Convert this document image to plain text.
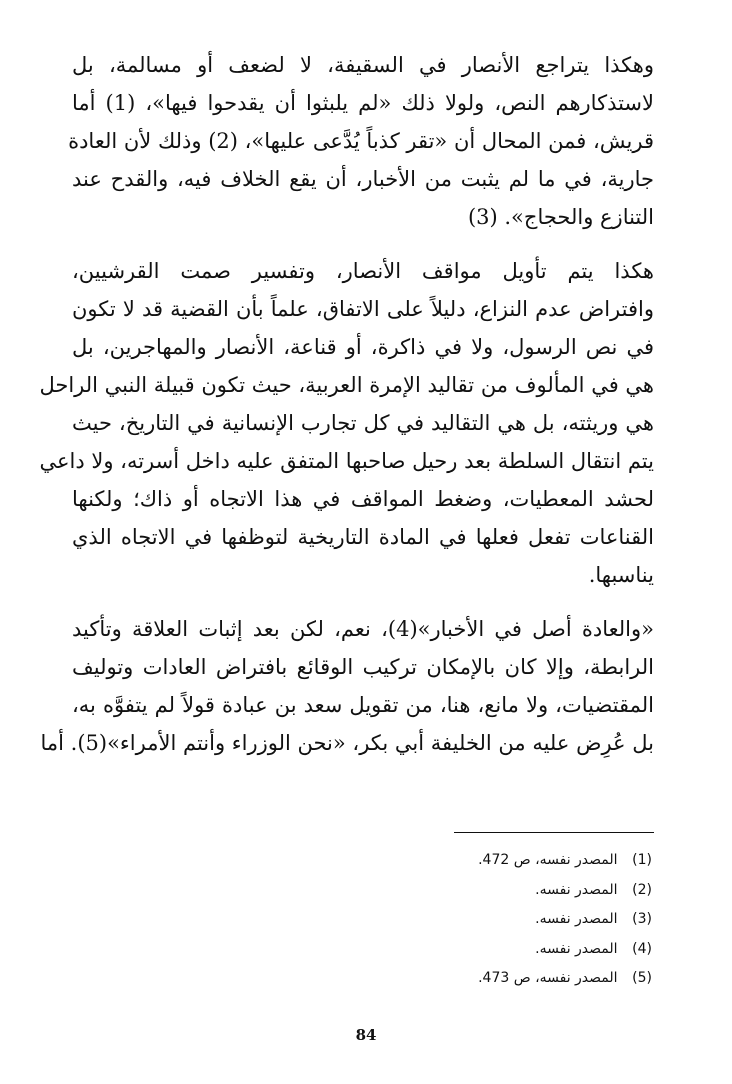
وهكذا يتراجع الأنصار في السقيفة، لا لضعف أو مسالمة، بل
لاستذكارهم النص، ولولا ذلك «لم يلبثوا أن يقدحوا فيها»، (1) أما
قريش، فمن المحال أن «تقر كذباً يُدَّعى عليها»، (2) وذلك لأن العادة
جارية، في ما لم يثبت من الأخبار، أن يقع الخلاف فيه، والقدح عند
التنازع والحجاج». (3)

هكذا يتم تأويل مواقف الأنصار، وتفسير صمت القرشيين،
وافتراض عدم النزاع، دليلاً على الاتفاق، علماً بأن القضية قد لا تكون
في نص الرسول، ولا في ذاكرة، أو قناعة، الأنصار والمهاجرين، بل
هي في المألوف من تقاليد الإمرة العربية، حيث تكون قبيلة النبي الراحل
هي وريثته، بل هي التقاليد في كل تجارب الإنسانية في التاريخ، حيث
يتم انتقال السلطة بعد رحيل صاحبها المتفق عليه داخل أسرته، ولا داعي
لحشد المعطيات، وضغط المواقف في هذا الاتجاه أو ذاك؛ ولكنها
القناعات تفعل فعلها في المادة التاريخية لتوظفها في الاتجاه الذي
يناسبها.

«والعادة أصل في الأخبار»(4)، نعم، لكن بعد إثبات العلاقة وتأكيد
الرابطة، وإلا كان بالإمكان تركيب الوقائع بافتراض العادات وتوليف
المقتضيات، ولا مانع، هنا، من تقويل سعد بن عبادة قولاً لم يتفوَّه به،
بل عُرِض عليه من الخليفة أبي بكر، «نحن الوزراء وأنتم الأمراء»(5). أما

(1) المصدر نفسه، ص 472.
(2) المصدر نفسه.
(3) المصدر نفسه.
(4) المصدر نفسه.
(5) المصدر نفسه، ص 473.
84
